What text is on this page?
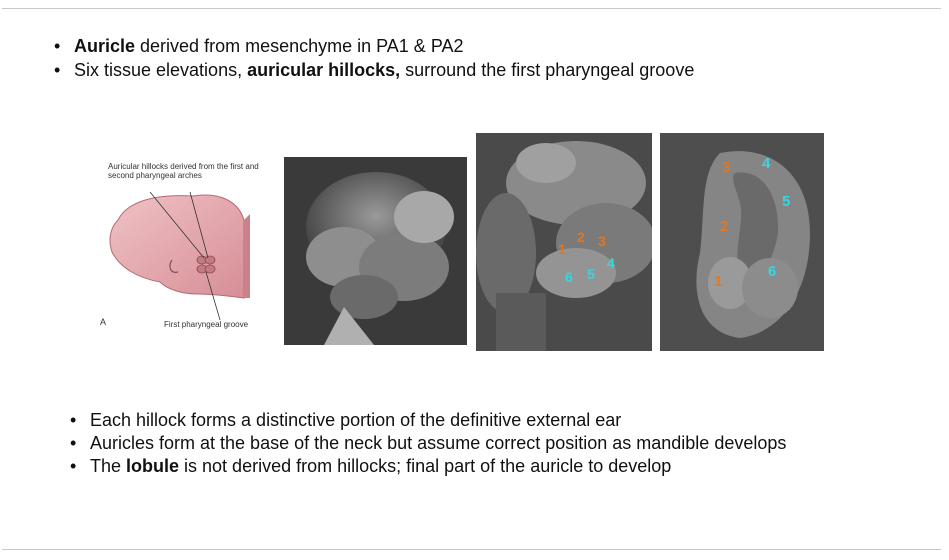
• Auricle derived from mesenchyme in PA1 & PA2
• Six tissue elevations, auricular hillocks, surround the first pharyngeal groove
Auricular hillocks derived from the first and second pharyngeal arches
A	First pharyngeal groove
1
2 3
4
5
6	1
2
3 4
5
6
• Each hillock forms a distinctive portion of the definitive external ear
• Auricles form at the base of the neck but assume correct position as mandible develops
• The lobule is not derived from hillocks; final part of the auricle to develop
